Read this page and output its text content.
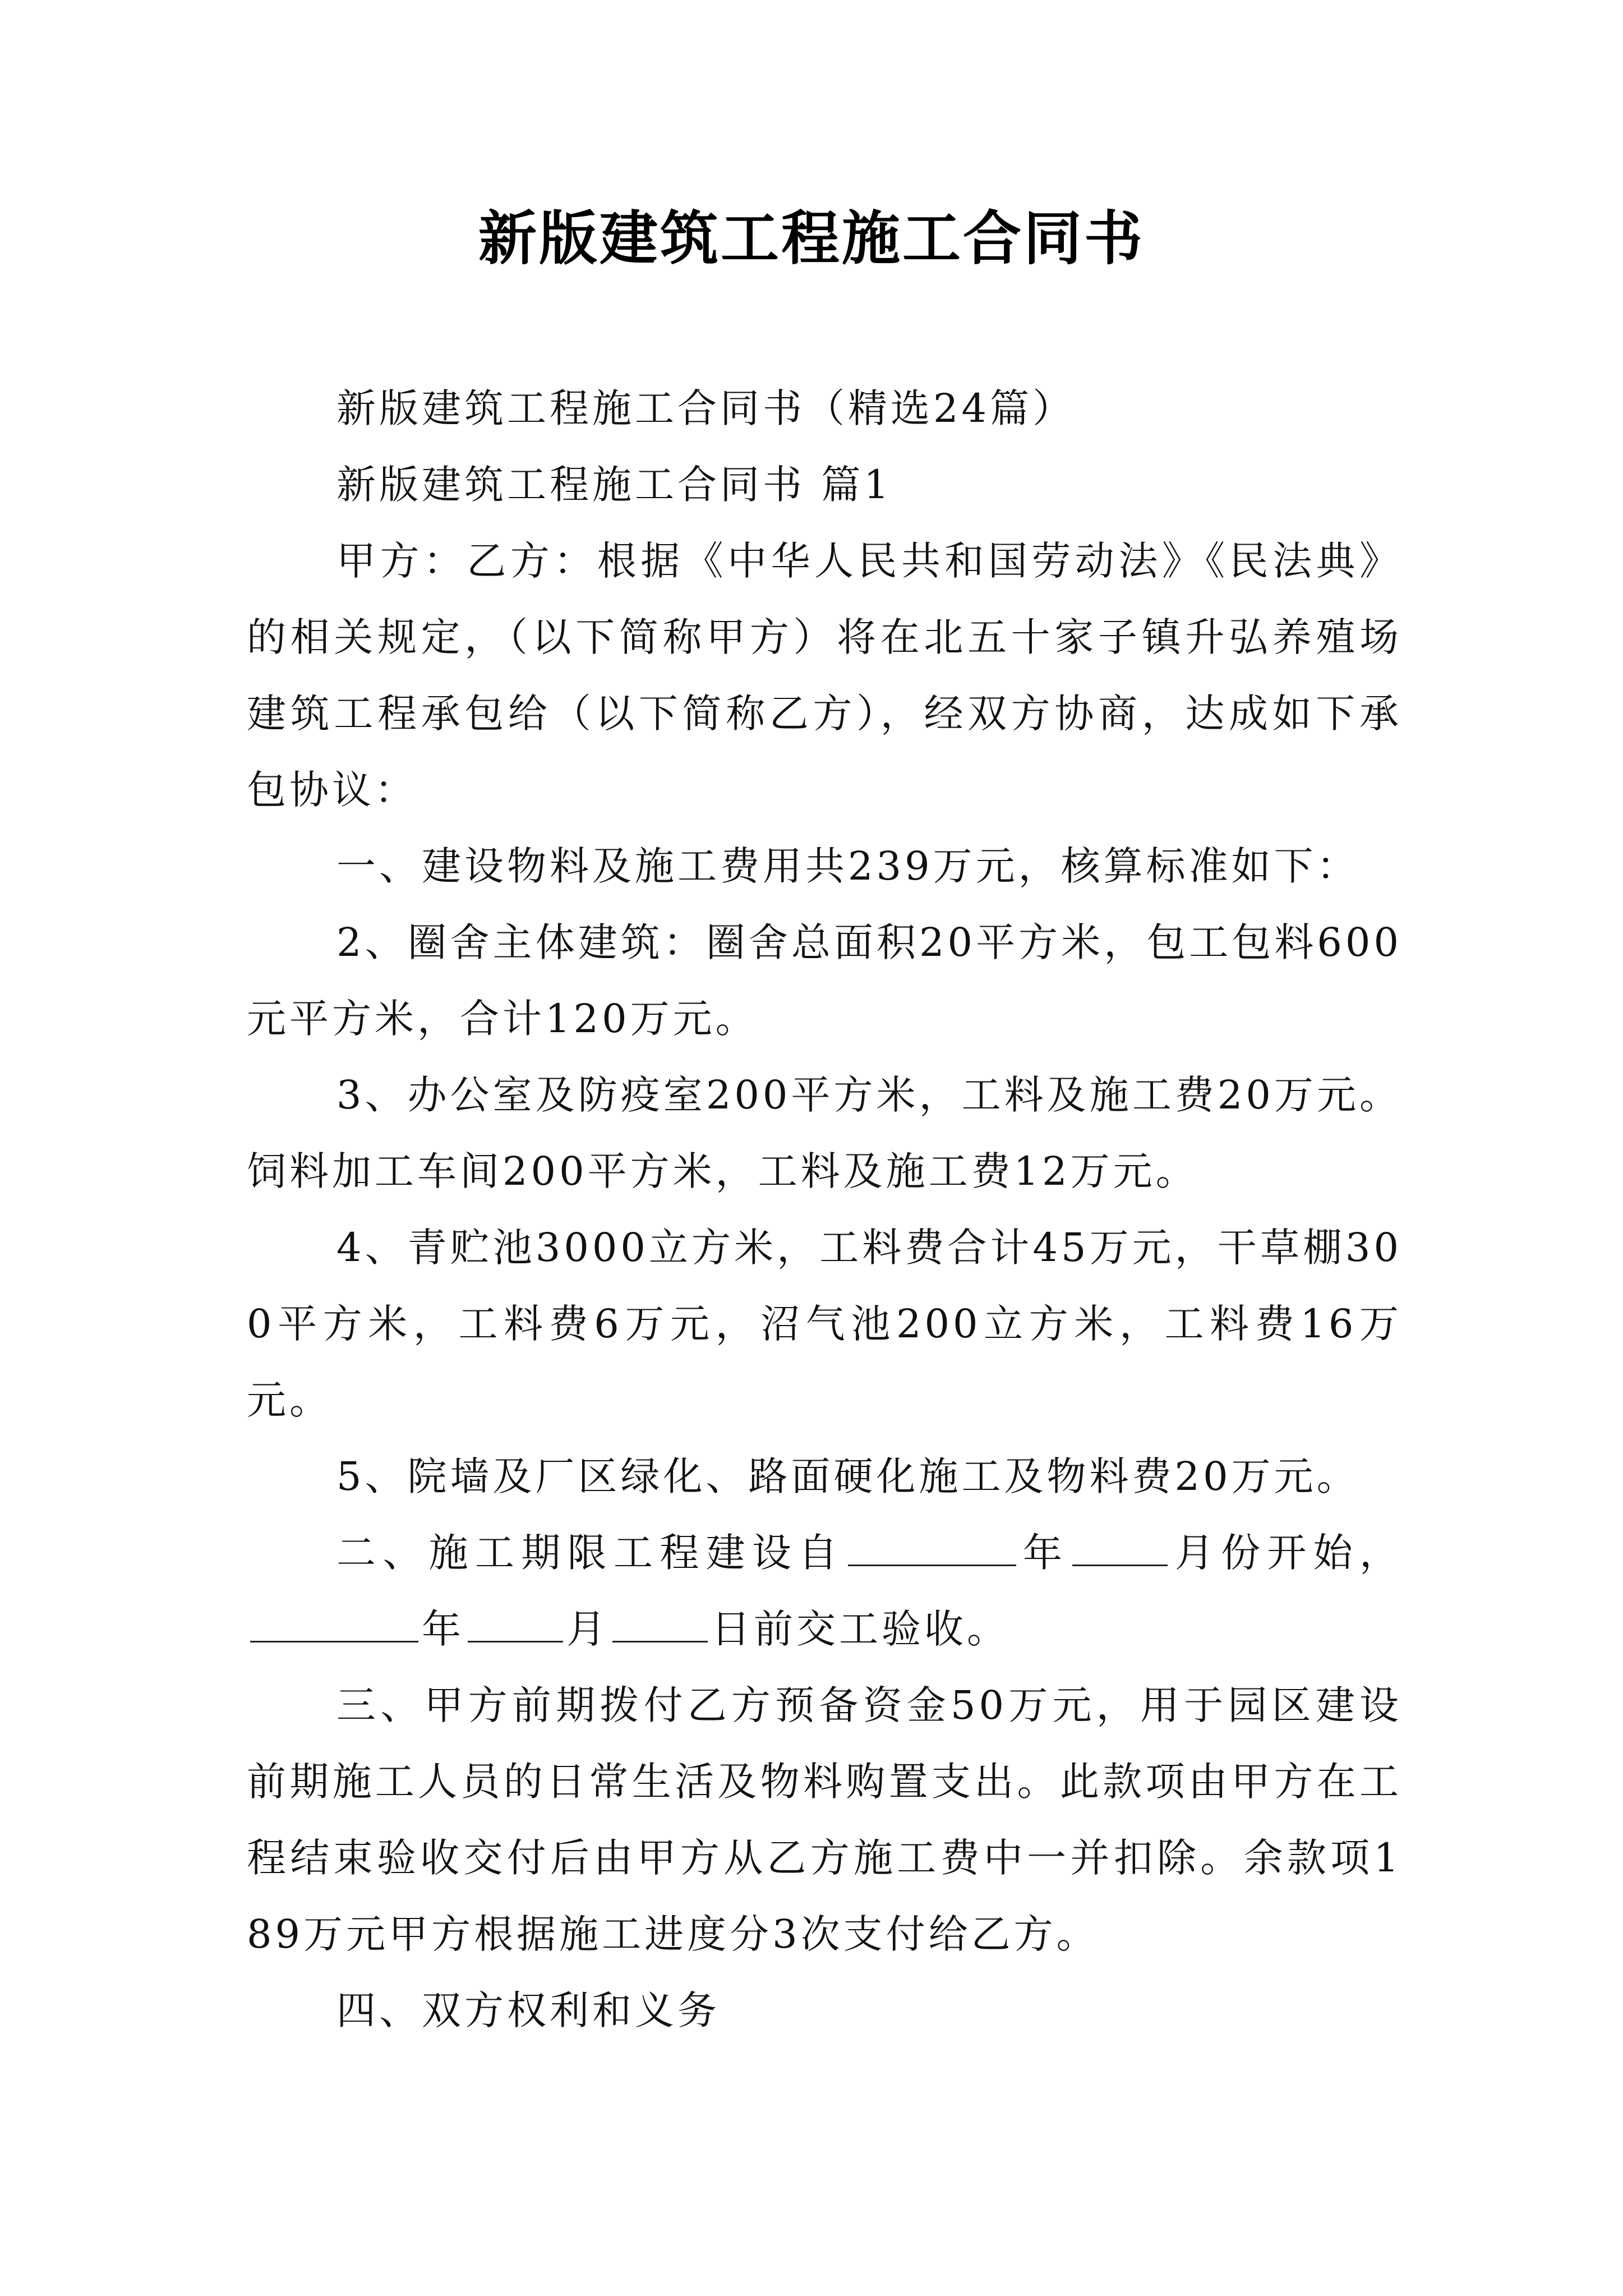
新版建筑工程施工合同书

新版建筑工程施工合同书（精选24篇）

新版建筑工程施工合同书 篇1

甲方：乙方：根据《中华人民共和国劳动法》《民法典》的相关规定，（以下简称甲方）将在北五十家子镇升弘养殖场建筑工程承包给（以下简称乙方），经双方协商，达成如下承包协议：

一、建设物料及施工费用共239万元，核算标准如下：

2、圈舍主体建筑：圈舍总面积20平方米，包工包料600元平方米，合计120万元。

3、办公室及防疫室200平方米，工料及施工费20万元。饲料加工车间200平方米，工料及施工费12万元。

4、青贮池3000立方米，工料费合计45万元，干草棚300平方米，工料费6万元，沼气池200立方米，工料费16万元。

5、院墙及厂区绿化、路面硬化施工及物料费20万元。

二、施工期限工程建设自	年	月份开始，年	月	日前交工验收。

三、甲方前期拨付乙方预备资金50万元，用于园区建设前期施工人员的日常生活及物料购置支出。此款项由甲方在工程结束验收交付后由甲方从乙方施工费中一并扣除。余款项189万元甲方根据施工进度分3次支付给乙方。

四、双方权利和义务
